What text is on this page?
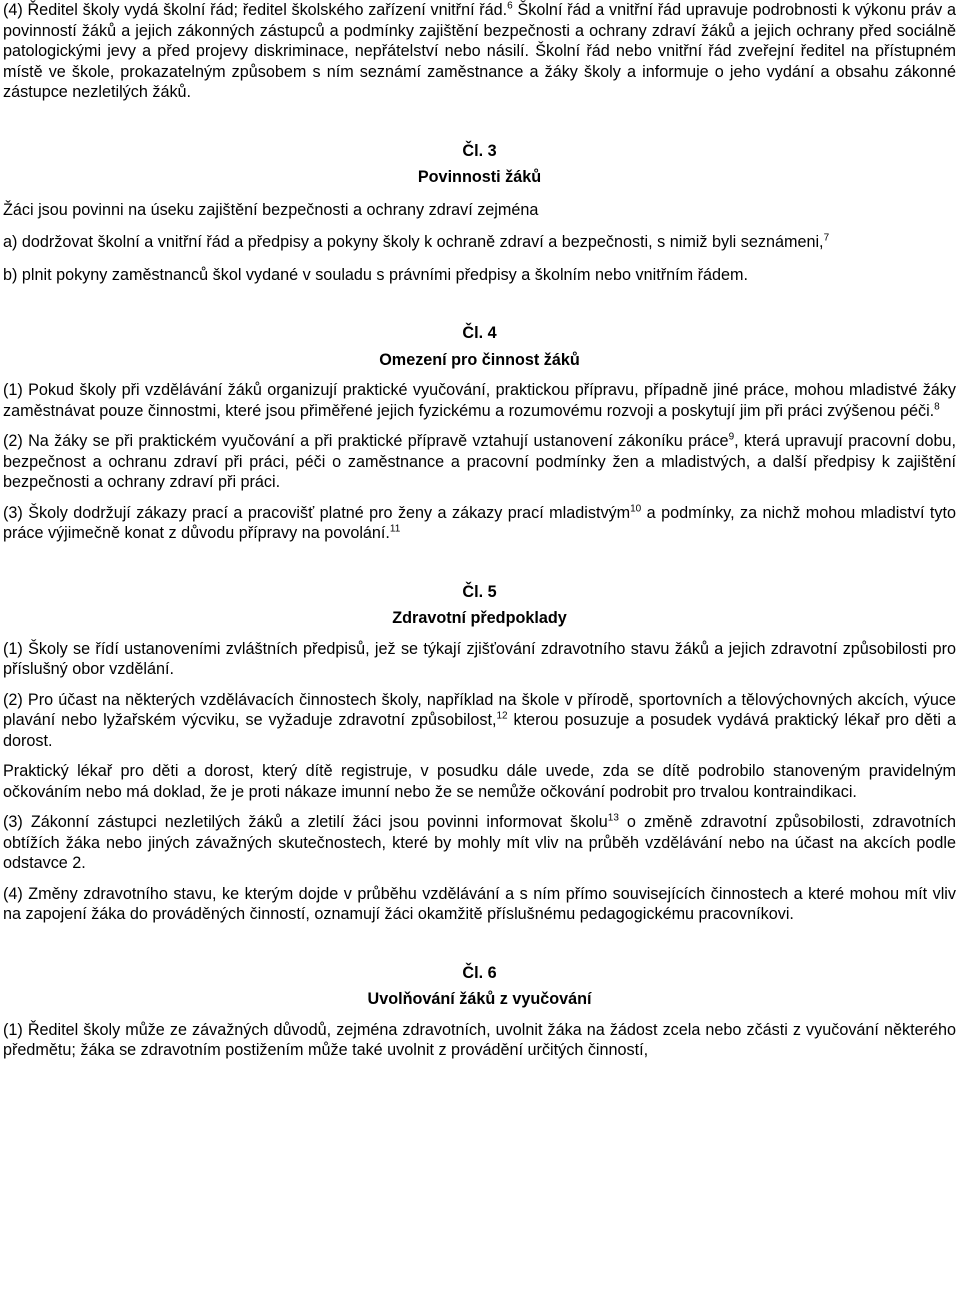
(4) Ředitel školy vydá školní řád; ředitel školského zařízení vnitřní řád.$^6$ Školní řád a vnitřní řád upravuje podrobnosti k výkonu práv a povinností žáků a jejich zákonných zástupců a podmínky zajištění bezpečnosti a ochrany zdraví žáků a jejich ochrany před sociálně patologickými jevy a před projevy diskriminace, nepřátelství nebo násilí. Školní řád nebo vnitřní řád zveřejní ředitel na přístupném místě ve škole, prokazatelným způsobem s ním seznámí zaměstnance a žáky školy a informuje o jeho vydání a obsahu zákonné zástupce nezletilých žáků.

Čl. 3

Povinnosti žáků

Žáci jsou povinni na úseku zajištění bezpečnosti a ochrany zdraví zejména

a) dodržovat školní a vnitřní řád a předpisy a pokyny školy k ochraně zdraví a bezpečnosti, s nimiž byli seznámeni,$^7$

b) plnit pokyny zaměstnanců škol vydané v souladu s právními předpisy a školním nebo vnitřním řádem.

Čl. 4

Omezení pro činnost žáků

(1) Pokud školy při vzdělávání žáků organizují praktické vyučování, praktickou přípravu, případně jiné práce, mohou mladistvé žáky zaměstnávat pouze činnostmi, které jsou přiměřené jejich fyzickému a rozumovému rozvoji a poskytují jim při práci zvýšenou péči.$^8$

(2) Na žáky se při praktickém vyučování a při praktické přípravě vztahují ustanovení zákoníku práce$^9$, která upravují pracovní dobu, bezpečnost a ochranu zdraví při práci, péči o zaměstnance a pracovní podmínky žen a mladistvých, a další předpisy k zajištění bezpečnosti a ochrany zdraví při práci.

(3) Školy dodržují zákazy prací a pracovišť platné pro ženy a zákazy prací mladistvým$^{10}$ a podmínky, za nichž mohou mladiství tyto práce výjimečně konat z důvodu přípravy na povolání.$^{11}$

Čl. 5

Zdravotní předpoklady

(1) Školy se řídí ustanoveními zvláštních předpisů, jež se týkají zjišťování zdravotního stavu žáků a jejich zdravotní způsobilosti pro příslušný obor vzdělání.

(2) Pro účast na některých vzdělávacích činnostech školy, například na škole v přírodě, sportovních a tělovýchovných akcích, výuce plavání nebo lyžařském výcviku, se vyžaduje zdravotní způsobilost,$^{12}$ kterou posuzuje a posudek vydává praktický lékař pro děti a dorost.

Praktický lékař pro děti a dorost, který dítě registruje, v posudku dále uvede, zda se dítě podrobilo stanoveným pravidelným očkováním nebo má doklad, že je proti nákaze imunní nebo že se nemůže očkování podrobit pro trvalou kontraindikaci.

(3) Zákonní zástupci nezletilých žáků a zletilí žáci jsou povinni informovat školu$^{13}$ o změně zdravotní způsobilosti, zdravotních obtížích žáka nebo jiných závažných skutečnostech, které by mohly mít vliv na průběh vzdělávání nebo na účast na akcích podle odstavce 2.

(4) Změny zdravotního stavu, ke kterým dojde v průběhu vzdělávání a s ním přímo souvisejících činnostech a které mohou mít vliv na zapojení žáka do prováděných činností, oznamují žáci okamžitě příslušnému pedagogickému pracovníkovi.

Čl. 6

Uvolňování žáků z vyučování

(1) Ředitel školy může ze závažných důvodů, zejména zdravotních, uvolnit žáka na žádost zcela nebo zčásti z vyučování některého předmětu; žáka se zdravotním postižením může také uvolnit z provádění určitých činností,
